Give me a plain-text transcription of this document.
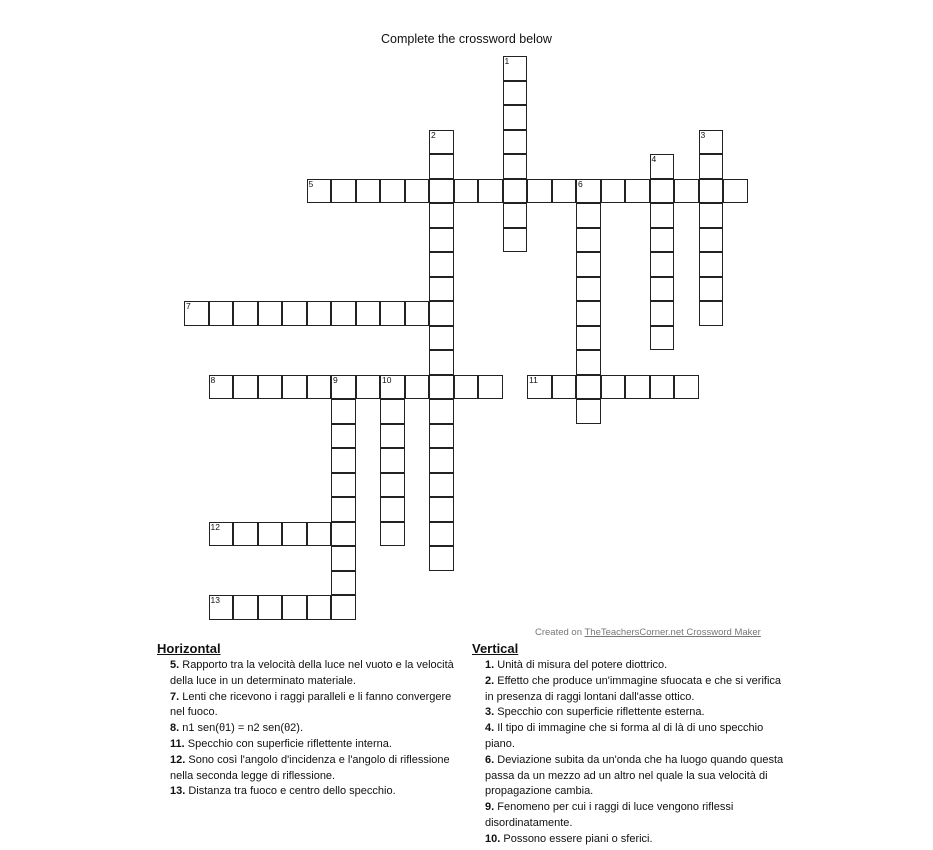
Complete the crossword below
1
2	3
4
5	6
7
8	9	10	11
12
13
Created on TheTeachersCorner.net Crossword Maker
Horizontal
5. Rapporto tra la velocità della luce nel vuoto e la velocità della luce in un determinato materiale.
7. Lenti che ricevono i raggi paralleli e li fanno convergere nel fuoco.
8. n1 sen(θ1) = n2 sen(θ2).
11. Specchio con superficie riflettente interna.
12. Sono così l'angolo d'incidenza e l'angolo di riflessione nella seconda legge di riflessione.
13. Distanza tra fuoco e centro dello specchio.
Vertical
1. Unità di misura del potere diottrico.
2. Effetto che produce un'immagine sfuocata e che si verifica in presenza di raggi lontani dall'asse ottico.
3. Specchio con superficie riflettente esterna.
4. Il tipo di immagine che si forma al di là di uno specchio piano.
6. Deviazione subita da un'onda che ha luogo quando questa passa da un mezzo ad un altro nel quale la sua velocità di propagazione cambia.
9. Fenomeno per cui i raggi di luce vengono riflessi disordinatamente.
10. Possono essere piani o sferici.
